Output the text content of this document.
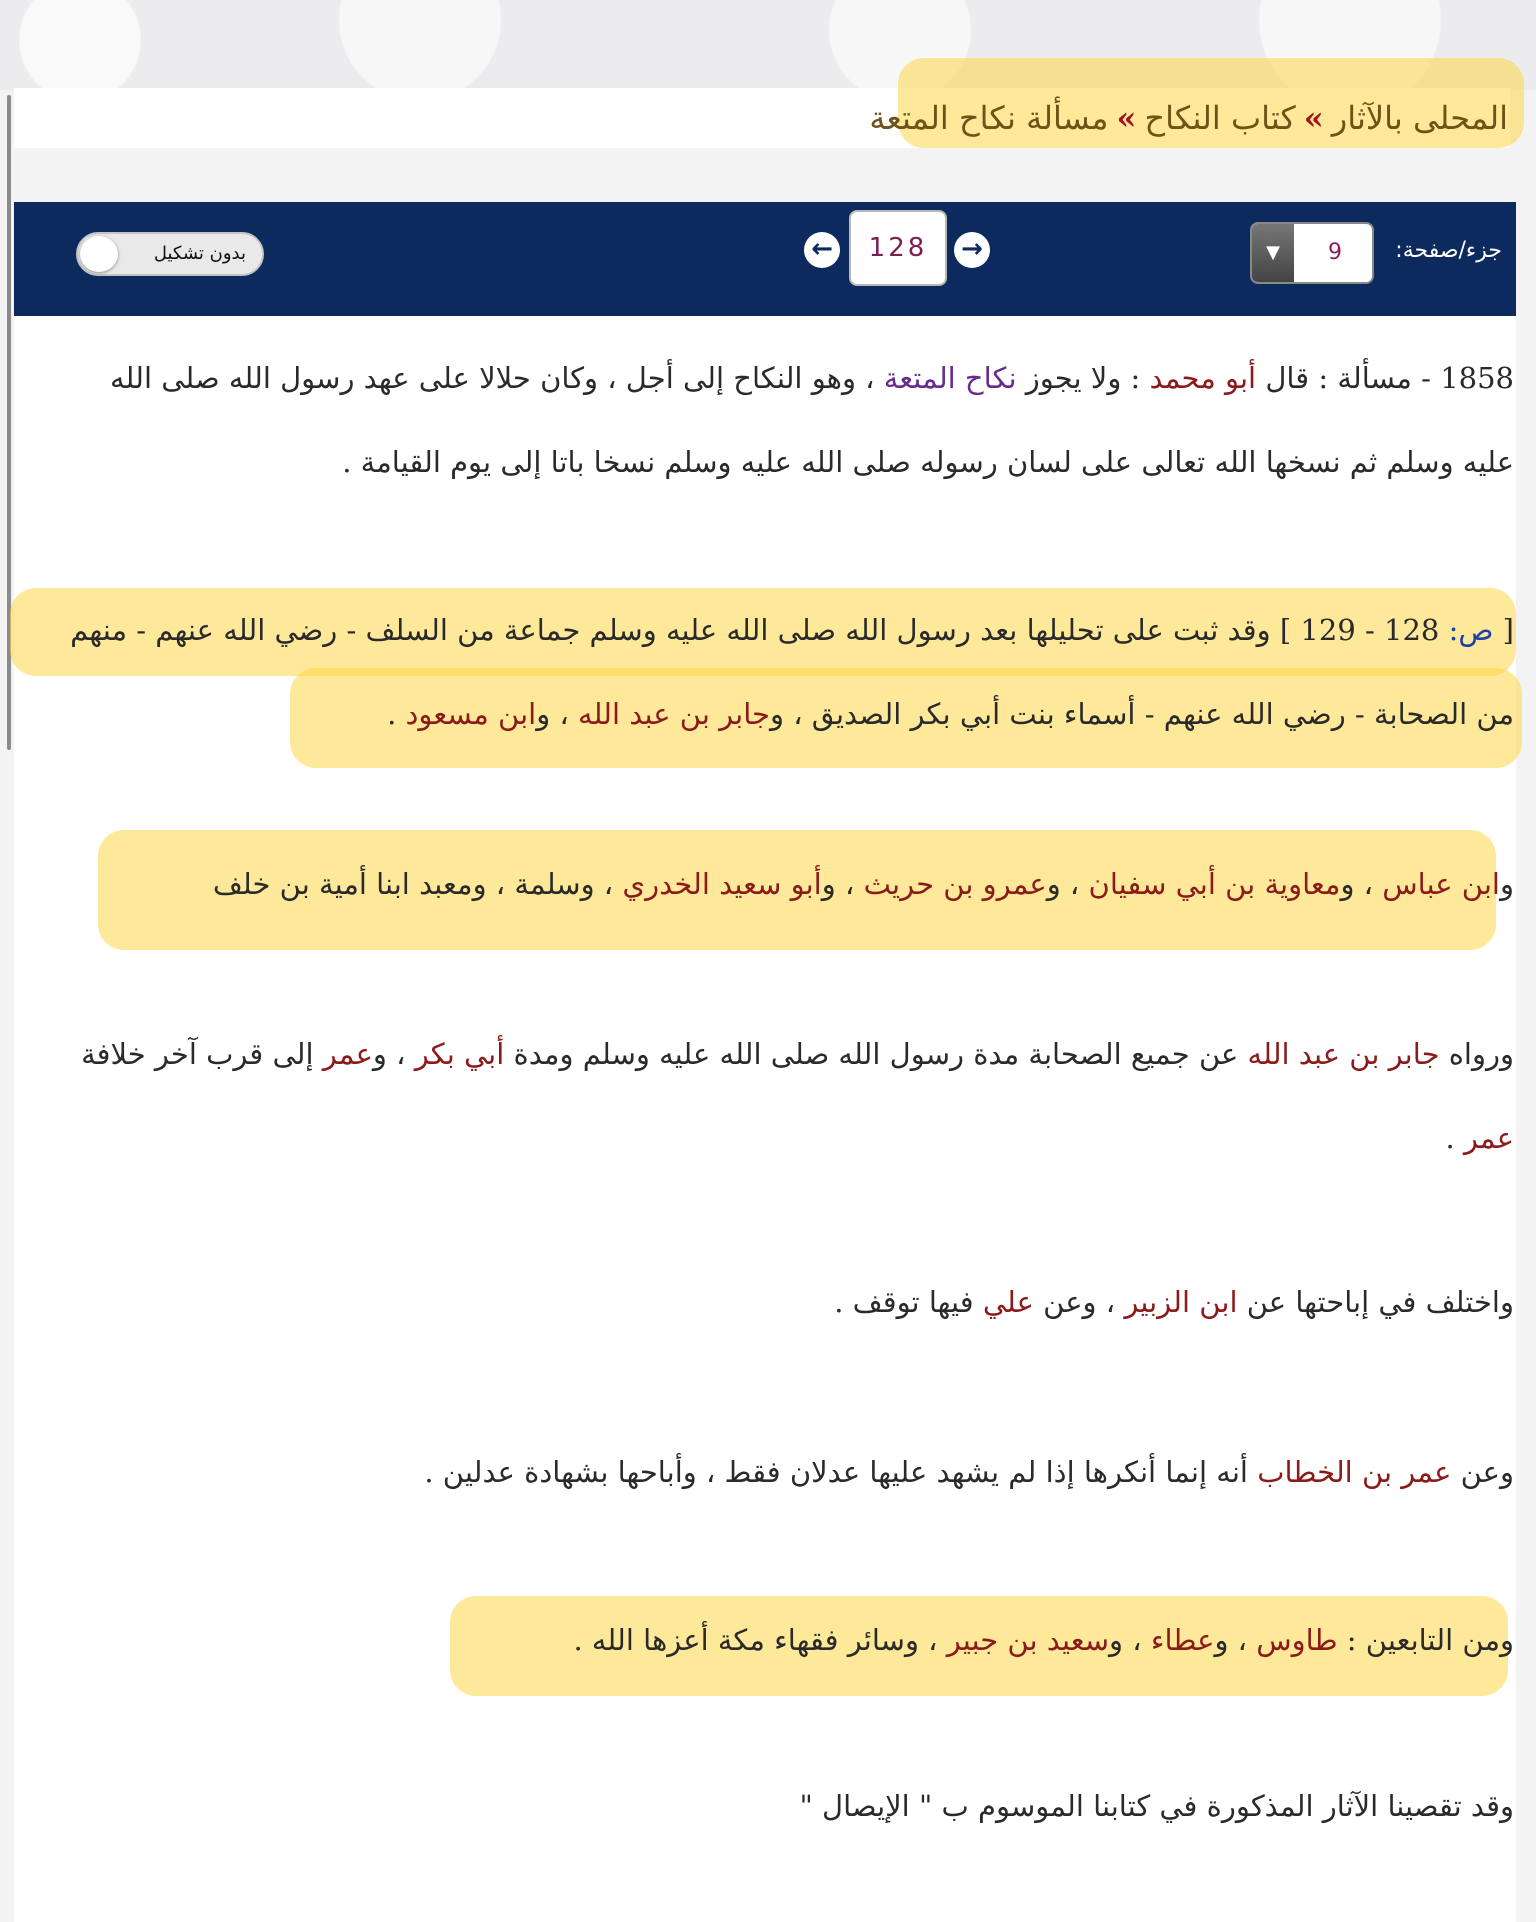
المحلى بالآثار»كتاب النكاح»مسألة نكاح المتعة
جزء/صفحة:
9
▼
←	128	→
بدون تشكيل
1858 - مسألة : قال أبو محمد : ولا يجوز نكاح المتعة ، وهو النكاح إلى أجل ، وكان حلالا على عهد رسول الله صلى الله
عليه وسلم ثم نسخها الله تعالى على لسان رسوله صلى الله عليه وسلم نسخا باتا إلى يوم القيامة .
[ ص: 128 - 129 ] وقد ثبت على تحليلها بعد رسول الله صلى الله عليه وسلم جماعة من السلف - رضي الله عنهم - منهم
من الصحابة - رضي الله عنهم - أسماء بنت أبي بكر الصديق ، وجابر بن عبد الله ، وابن مسعود .
وابن عباس ، ومعاوية بن أبي سفيان ، وعمرو بن حريث ، وأبو سعيد الخدري ، وسلمة ، ومعبد ابنا أمية بن خلف
ورواه جابر بن عبد الله عن جميع الصحابة مدة رسول الله صلى الله عليه وسلم ومدة أبي بكر ، وعمر إلى قرب آخر خلافة
عمر .
واختلف في إباحتها عن ابن الزبير ، وعن علي فيها توقف .
وعن عمر بن الخطاب أنه إنما أنكرها إذا لم يشهد عليها عدلان فقط ، وأباحها بشهادة عدلين .
ومن التابعين : طاوس ، وعطاء ، وسعيد بن جبير ، وسائر فقهاء مكة أعزها الله .
وقد تقصينا الآثار المذكورة في كتابنا الموسوم ب " الإيصال "
